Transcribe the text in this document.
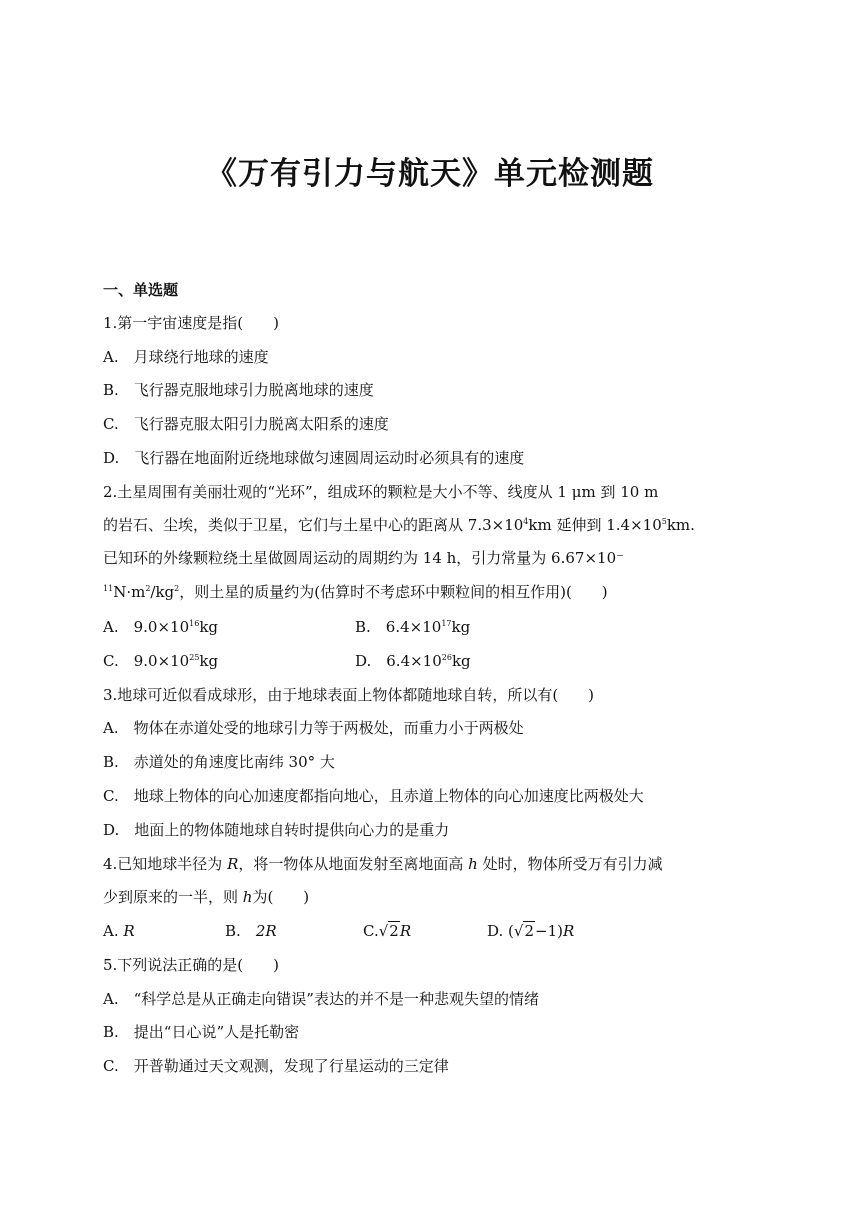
《万有引力与航天》单元检测题
一、单选题
1.第一宇宙速度是指(　　)
A.　月球绕行地球的速度
B.　飞行器克服地球引力脱离地球的速度
C.　飞行器克服太阳引力脱离太阳系的速度
D.　飞行器在地面附近绕地球做匀速圆周运动时必须具有的速度
2.土星周围有美丽壮观的“光环”，组成环的颗粒是大小不等、线度从 1 μm 到 10 m
的岩石、尘埃，类似于卫星，它们与土星中心的距离从 $7.3\times 10^4km$ 延伸到 $1.4\times 10^5km$.
已知环的外缘颗粒绕土星做圆周运动的周期约为 14 h，引力常量为 6.67×10⁻
$^{11}N\cdot m^2/kg^2$，则土星的质量约为(估算时不考虑环中颗粒间的相互作用)(　　)
A.　$9.0\times 10^{16}kg$	B.　$6.4\times 10^{17}kg$
C.　$9.0\times 10^{25}kg$	D.　$6.4\times 10^{26}kg$
3.地球可近似看成球形，由于地球表面上物体都随地球自转，所以有(　　)
A.　物体在赤道处受的地球引力等于两极处，而重力小于两极处
B.　赤道处的角速度比南纬 30° 大
C.　地球上物体的向心加速度都指向地心，且赤道上物体的向心加速度比两极处大
D.　地面上的物体随地球自转时提供向心力的是重力
4.已知地球半径为 R，将一物体从地面发射至离地面高 h 处时，物体所受万有引力减
少到原来的一半，则 h为(　　)
A. R	B.　 2R	C.√2R	D. (√2−1)R
5.下列说法正确的是(　　)
A.　“科学总是从正确走向错误”表达的并不是一种悲观失望的情绪
B.　提出“日心说”人是托勒密
C.　开普勒通过天文观测，发现了行星运动的三定律
